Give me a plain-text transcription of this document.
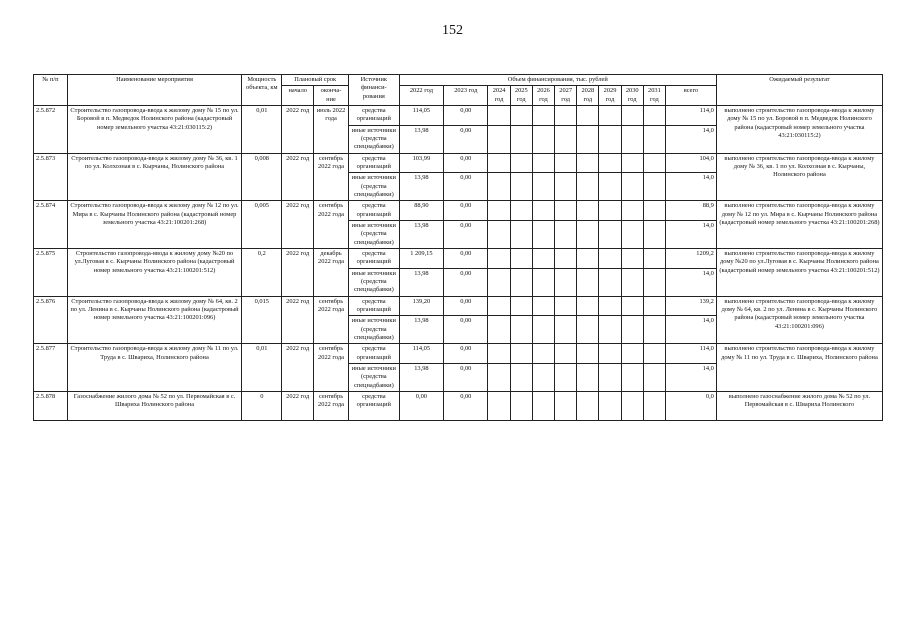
152
№ п/п	Наименование мероприятия	Мощность объекта, км	Плановый срок		Источник финанси- рования	Объем финансирования, тыс. рублей											Ожидаемый результат
			начало	оконча- ние		2022 год	2023 год	2024 год	2025 год	2026 год	2027 год	2028 год	2029 год	2030 год	2031 год	всего	
2.5.872	Строительство газопровода-ввода к жилому дому № 15 по ул. Боровой в п. Медведок Нолинского района (кадастровый номер земельного участка 43:21:030115:2)	0,01	2022 год	июль 2022 года	средства организаций	114,05	0,00									114,0	выполнено строительство газопровода-ввода к жилому дому № 15 по ул. Боровой в п. Медведок Нолинского района (кадастровый номер земельного участка 43:21:030115:2)
					иные источники (средства спецнадбавки)	13,98	0,00									14,0	
2.5.873	Строительство газопровода-ввода к жилому дому № 36, кв. 1 по ул. Колхозная в с. Кырчаны, Нолинского района	0,008	2022 год	сентябрь 2022 года	средства организаций	103,99	0,00									104,0	выполнено строительство газопровода-ввода к жилому дому № 36, кв. 1 по ул. Колхозная в с. Кырчаны, Нолинского района
					иные источники (средства спецнадбавки)	13,98	0,00									14,0	
2.5.874	Строительство газопровода-ввода к жилому дому № 12 по ул. Мира в с. Кырчаны Нолинского района (кадастровый номер земельного участка 43:21:100201:268)	0,005	2022 год	сентябрь 2022 года	средства организаций	88,90	0,00									88,9	выполнено строительство газопровода-ввода к жилому дому № 12 по ул. Мира в с. Кырчаны Нолинского района (кадастровый номер земельного участка 43:21:100201:268)
					иные источники (средства спецнадбавки)	13,98	0,00									14,0	
2.5.875	Строительство газопровода-ввода к жилому дому №20 по ул.Луговая в с. Кырчаны Нолинского района (кадастровый номер земельного участка 43:21:100201:512)	0,2	2022 год	декабрь 2022 года	средства организаций	1 209,15	0,00									1209,2	выполнено строительство газопровода-ввода к жилому дому №20 по ул.Луговая в с. Кырчаны Нолинского района (кадастровый номер земельного участка 43:21:100201:512)
					иные источники (средства спецнадбавки)	13,98	0,00									14,0	
2.5.876	Строительство газопровода-ввода к жилому дому № 64, кв. 2 по ул. Ленина в с. Кырчаны Нолинского района (кадастровый номер земельного участка 43:21:100201:096)	0,015	2022 год	сентябрь 2022 года	средства организаций	139,20	0,00									139,2	выполнено строительство газопровода-ввода к жилому дому № 64, кв. 2 по ул. Ленина в с. Кырчаны Нолинского района (кадастровый номер земельного участка 43:21:100201:096)
					иные источники (средства спецнадбавки)	13,98	0,00									14,0	
2.5.877	Строительство газопровода-ввода к жилому дому № 11 по ул. Труда в с. Швариха, Нолинского района	0,01	2022 год	сентябрь 2022 года	средства организаций	114,05	0,00									114,0	выполнено строительство газопровода-ввода к жилому дому № 11 по ул. Труда в с. Швариха, Нолинского района
					иные источники (средства спецнадбавки)	13,98	0,00									14,0	
2.5.878	Газоснабжение жилого дома № 52 по ул. Первомайская в с. Швариха Нолинского района	0	2022 год	сентябрь 2022 года	средства организаций	0,00	0,00									0,0	выполнено газоснабжение жилого дома № 52 по ул. Первомайская в с. Швариха Нолинского
